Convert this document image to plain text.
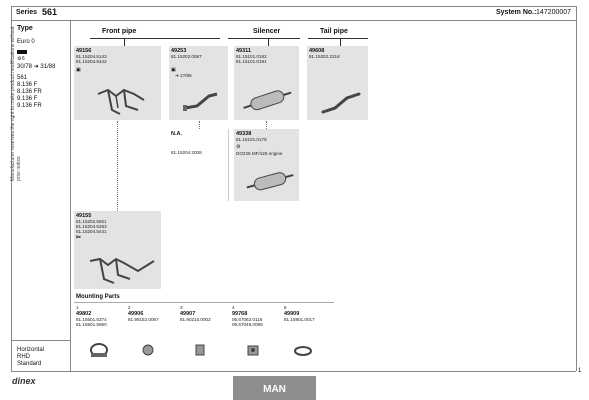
Series 561	System No.: 147200007
Manufacturer reserves the right to make product modifications without prior notice
Type
Euro 0
⚙ 6
30/78 ➜ 31/88
561
8.136 F
8.136 FR
9.136 F
9.136 FR
Horizontal
RHD
Standard
Front pipe	Silencer	Tail pipe
49156
81.15204.5143
81.15204.5442
▣
49253
81.15202.0087
▣
➜ 27/85
49311
81.15101.0182
81.15101.0191
49608
81.15202.2218
N.A.
81.15204.2008
49338
81.15101.0178
⚙
DO226 MF/125 engine
49155
81.15202.5921
81.15204.5263
81.15204.5441
✂
Mounting Parts
1
49802
81.15501.5374
81.15501.5560
2
49906
81.98152.0067
3
49907
81.90210.0002
4
99768
06.67062.0116
06.67049.0099
5
49909
81.15901.0017
dinex
MAN
1
